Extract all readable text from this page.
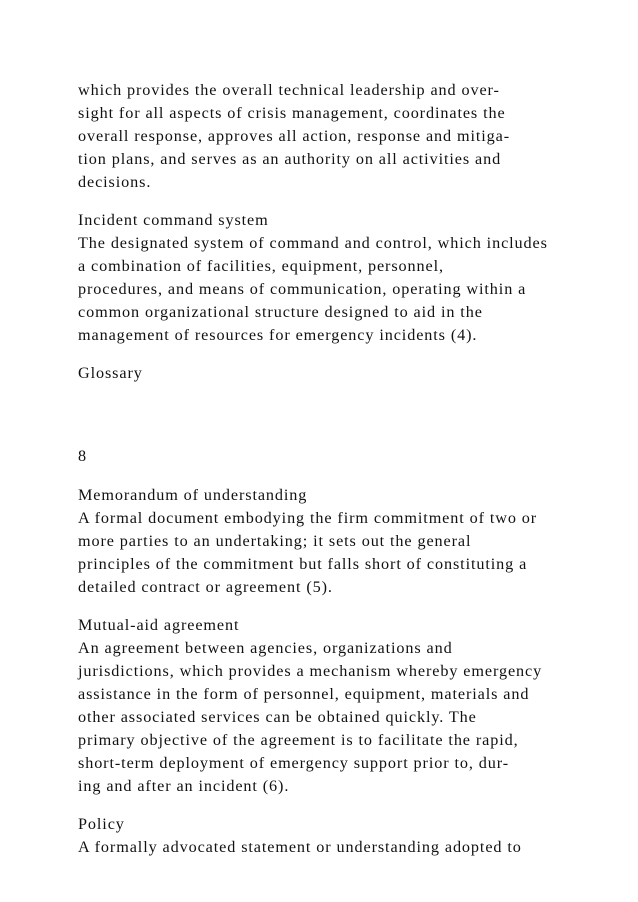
which provides the overall technical leadership and over-

sight for all aspects of crisis management, coordinates the

overall response, approves all action, response and mitiga-

tion plans, and serves as an authority on all activities and

decisions.

Incident command system

The designated system of command and control, which includes

a combination of facilities, equipment, personnel,

procedures, and means of communication, operating within a

common organizational structure designed to aid in the

management of resources for emergency incidents (4).

Glossary

8

Memorandum of understanding

A formal document embodying the firm commitment of two or

more parties to an undertaking; it sets out the general

principles of the commitment but falls short of constituting a

detailed contract or agreement (5).

Mutual-aid agreement

An agreement between agencies, organizations and

jurisdictions, which provides a mechanism whereby emergency

assistance in the form of personnel, equipment, materials and

other associated services can be obtained quickly. The

primary objective of the agreement is to facilitate the rapid,

short-term deployment of emergency support prior to, dur-

ing and after an incident (6).

Policy

A formally advocated statement or understanding adopted to
